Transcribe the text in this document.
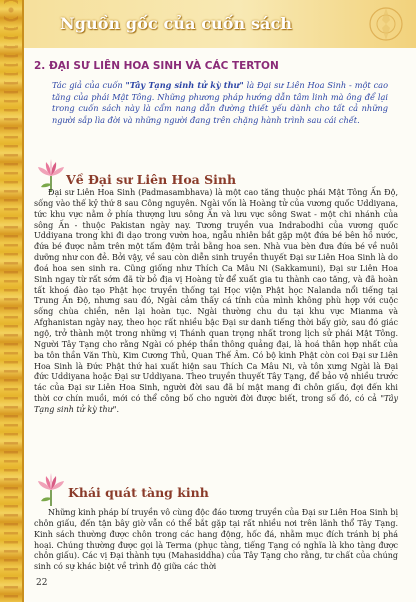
Nguồn gốc của cuốn sách
2. ĐẠI SƯ LIÊN HOA SINH VÀ CÁC TERTON
Tác giả của cuốn "Tây Tạng sinh tử kỳ thư" là Đại sư Liên Hoa Sinh - một cao tăng của phái Mật Tông. Những phương pháp hướng dẫn tâm linh mà ông để lại trong cuốn sách này là cẩm nang dẫn đường thiết yếu dành cho tất cả những người sắp lìa đời và những người đang trên chặng hành trình sau cái chết.
Về Đại sư Liên Hoa Sinh
Đại sư Liên Hoa Sinh (Padmasambhava) là một cao tăng thuộc phái Mật Tông Ấn Độ, sống vào thế kỷ thứ 8 sau Công nguyên. Ngài vốn là Hoàng tử của vương quốc Uddiyana, tức khu vực nằm ở phía thượng lưu sông Ấn và lưu vực sông Swat - một chi nhánh của sông Ấn - thuộc Pakistan ngày nay. Tương truyền vua Indrabodhi của vương quốc Uddiyana trong khi đi dạo trong vườn hoa, ngẫu nhiên bắt gặp một đứa bé bên hồ nước, đứa bé được nằm trên một tấm đệm trải bằng hoa sen. Nhà vua bèn đưa đứa bé về nuôi dưỡng như con đẻ. Bởi vậy, về sau còn diễn sinh truyền thuyết Đại sư Liên Hoa Sinh là do đoá hoa sen sinh ra. Cũng giống như Thích Ca Mâu Ni (Sakkamuni), Đại sư Liên Hoa Sinh ngay từ rất sớm đã từ bỏ địa vị Hoàng tử để xuất gia tu thành cao tăng, và đã hoàn tất khoá đào tạo Phật học truyền thống tại Học viện Phật học Nalanda nổi tiếng tại Trung Ấn Độ, nhưng sau đó, Ngài cảm thấy cá tính của mình không phù hợp với cuộc sống chùa chiền, nên lại hoàn tục. Ngài thường chu du tại khu vực Mianma và Afghanistan ngày nay, theo học rất nhiều bậc Đại sư danh tiếng thời bấy giờ, sau đó giác ngộ, trở thành một trong những vị Thánh quan trọng nhất trong lịch sử phái Mật Tông. Người Tây Tạng cho rằng Ngài có phép thần thông quảng đại, là hoá thân hợp nhất của ba tôn thần Văn Thù, Kim Cương Thủ, Quan Thế Âm. Có bộ kinh Phật còn coi Đại sư Liên Hoa Sinh là Đức Phật thứ hai xuất hiện sau Thích Ca Mâu Ni, và tôn xưng Ngài là Đại đức Uddiyana hoặc Đại sư Uddiyana. Theo truyền thuyết Tây Tạng, để bảo vệ nhiều trước tác của Đại sư Liên Hoa Sinh, người đời sau đã bí mật mang đi chôn giấu, đợi đến khi thời cơ chín muồi, mới có thể công bố cho người đời được biết, trong số đó, có cả "Tây Tạng sinh tử kỳ thư".
Khái quát tàng kinh
Những kinh pháp bí truyền vô cùng độc đáo tương truyền của Đại sư Liên Hoa Sinh bị chôn giấu, đến tận bây giờ vẫn có thể bắt gặp tại rất nhiều nơi trên lãnh thổ Tây Tạng. Kinh sách thường được chôn trong các hang động, hốc đá, nhằm mục đích tránh bị phá hoại. Chúng thường được gọi là Terma (phục tàng, tiếng Tạng có nghĩa là kho tàng được chôn giấu). Các vị Đại thành tựu (Mahasiddha) của Tây Tạng cho rằng, tư chất của chúng sinh có sự khác biệt về trình độ giữa các thời
22
